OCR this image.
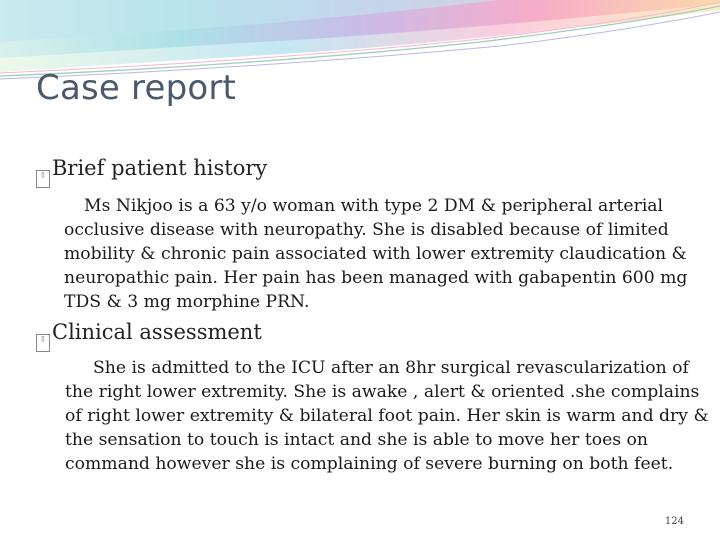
Case report
▯ Brief patient history

Ms Nikjoo is a 63 y/o woman with type 2 DM & peripheral arterial occlusive disease with neuropathy. She is disabled because of limited mobility & chronic pain associated with lower extremity claudication & neuropathic pain. Her pain has been managed with gabapentin 600 mg TDS & 3 mg morphine PRN.

▯ Clinical assessment

She is admitted to the ICU after an 8hr surgical revascularization of the right lower extremity. She is awake , alert & oriented .she complains of right lower extremity & bilateral foot pain. Her skin is warm and dry & the sensation to touch is intact and she is able to move her toes on command however she is complaining of severe burning on both feet.

124
